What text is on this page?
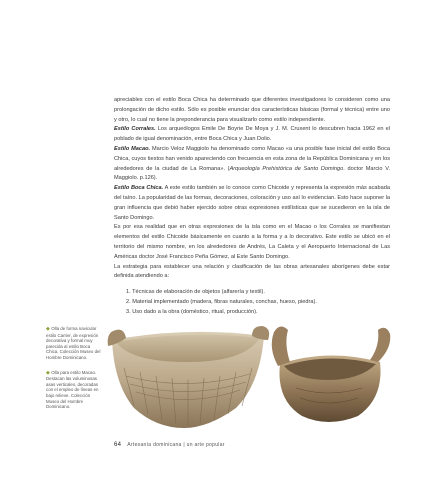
apreciables con el estilo Boca Chica ha determinado que diferentes investigadores lo consideren como una prolongación de dicho estilo. Sólo es posible enunciar dos características básicas (formal y técnica) entre uno y otro, lo cual no tiene la preponderancia para visualizarlo como estilo independiente.

Estilo Corrales. Los arqueólogos Emile De Boyrie De Moya y J. M. Cruxent lo descubren hacia 1962 en el poblado de igual denominación, entre Boca Chica y Juan Dolio.

Estilo Macao. Marcio Veloz Maggiolo ha denominado como Macao «a una posible fase inicial del estilo Boca Chica, cuyos tiestos han venido apareciendo con frecuencia en esta zona de la República Dominicana y en los alrededores de la ciudad de La Romana». (Arqueología Prehistórica de Santo Domingo. doctor Marcio V. Maggiolo. p.126).

Estilo Boca Chica. A este estilo también se lo conoce como Chicoide y representa la expresión más acabada del taíno. La popularidad de las formas, decoraciones, coloración y uso así lo evidencian. Esto hace suponer la gran influencia que debió haber ejercido sobre otras expresiones estilísticas que se sucedieron en la isla de Santo Domingo.

Es por esa realidad que en otras expresiones de la isla como en el Macao o los Corrales se manifiestan elementos del estilo Chicoide básicamente en cuanto a la forma y a lo decorativo. Este estilo se ubicó en el territorio del mismo nombre, en los alrededores de Andrés, La Caleta y el Aeropuerto Internacional de Las Américas doctor José Francisco Peña Gómez, al Este Santo Domingo.

La estrategia para establecer una relación y clasificación de las obras artesanales aborígenes debe estar definida atendiendo a:

1. Técnicas de elaboración de objetos (alfarería y textil).
2. Material implementado (madera, fibras naturales, conchas, hueso, piedra).
3. Uso dado a la obra (doméstico, ritual, producción).
◆ Olla de forma navicular estilo Carrier, de expresión decorativa y formal muy parecida al estilo Boca Chica. Colección Museo del Hombre Dominicano.
◆ Olla para estilo Macao. Destacan las voluminosas asas verticales, decoradas con el empleo de líneas en bajo relieve. Colección Museo del Hombre Dominicano.
64 Artesanía dominicana | un arte popular
